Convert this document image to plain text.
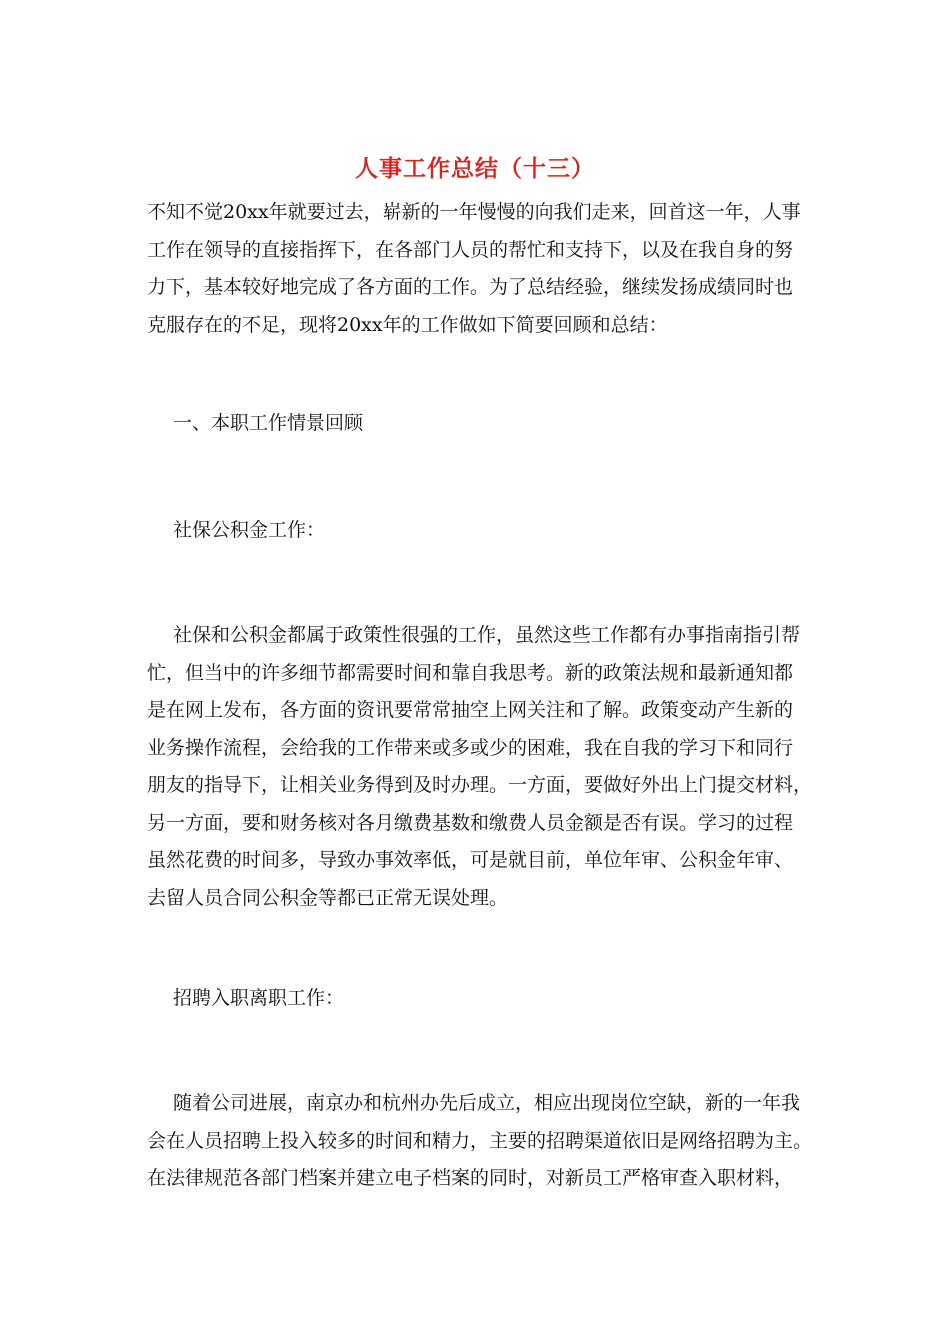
人事工作总结（十三）

不知不觉20xx年就要过去，崭新的一年慢慢的向我们走来，回首这一年，人事
工作在领导的直接指挥下，在各部门人员的帮忙和支持下，以及在我自身的努
力下，基本较好地完成了各方面的工作。为了总结经验，继续发扬成绩同时也
克服存在的不足，现将20xx年的工作做如下简要回顾和总结：

一、本职工作情景回顾
社保公积金工作：

社保和公积金都属于政策性很强的工作，虽然这些工作都有办事指南指引帮
忙，但当中的许多细节都需要时间和靠自我思考。新的政策法规和最新通知都
是在网上发布，各方面的资讯要常常抽空上网关注和了解。政策变动产生新的
业务操作流程，会给我的工作带来或多或少的困难，我在自我的学习下和同行
朋友的指导下，让相关业务得到及时办理。一方面，要做好外出上门提交材料，
另一方面，要和财务核对各月缴费基数和缴费人员金额是否有误。学习的过程
虽然花费的时间多，导致办事效率低，可是就目前，单位年审、公积金年审、
去留人员合同公积金等都已正常无误处理。

招聘入职离职工作：

随着公司进展，南京办和杭州办先后成立，相应出现岗位空缺，新的一年我
会在人员招聘上投入较多的时间和精力，主要的招聘渠道依旧是网络招聘为主。
在法律规范各部门档案并建立电子档案的同时，对新员工严格审查入职材料，
